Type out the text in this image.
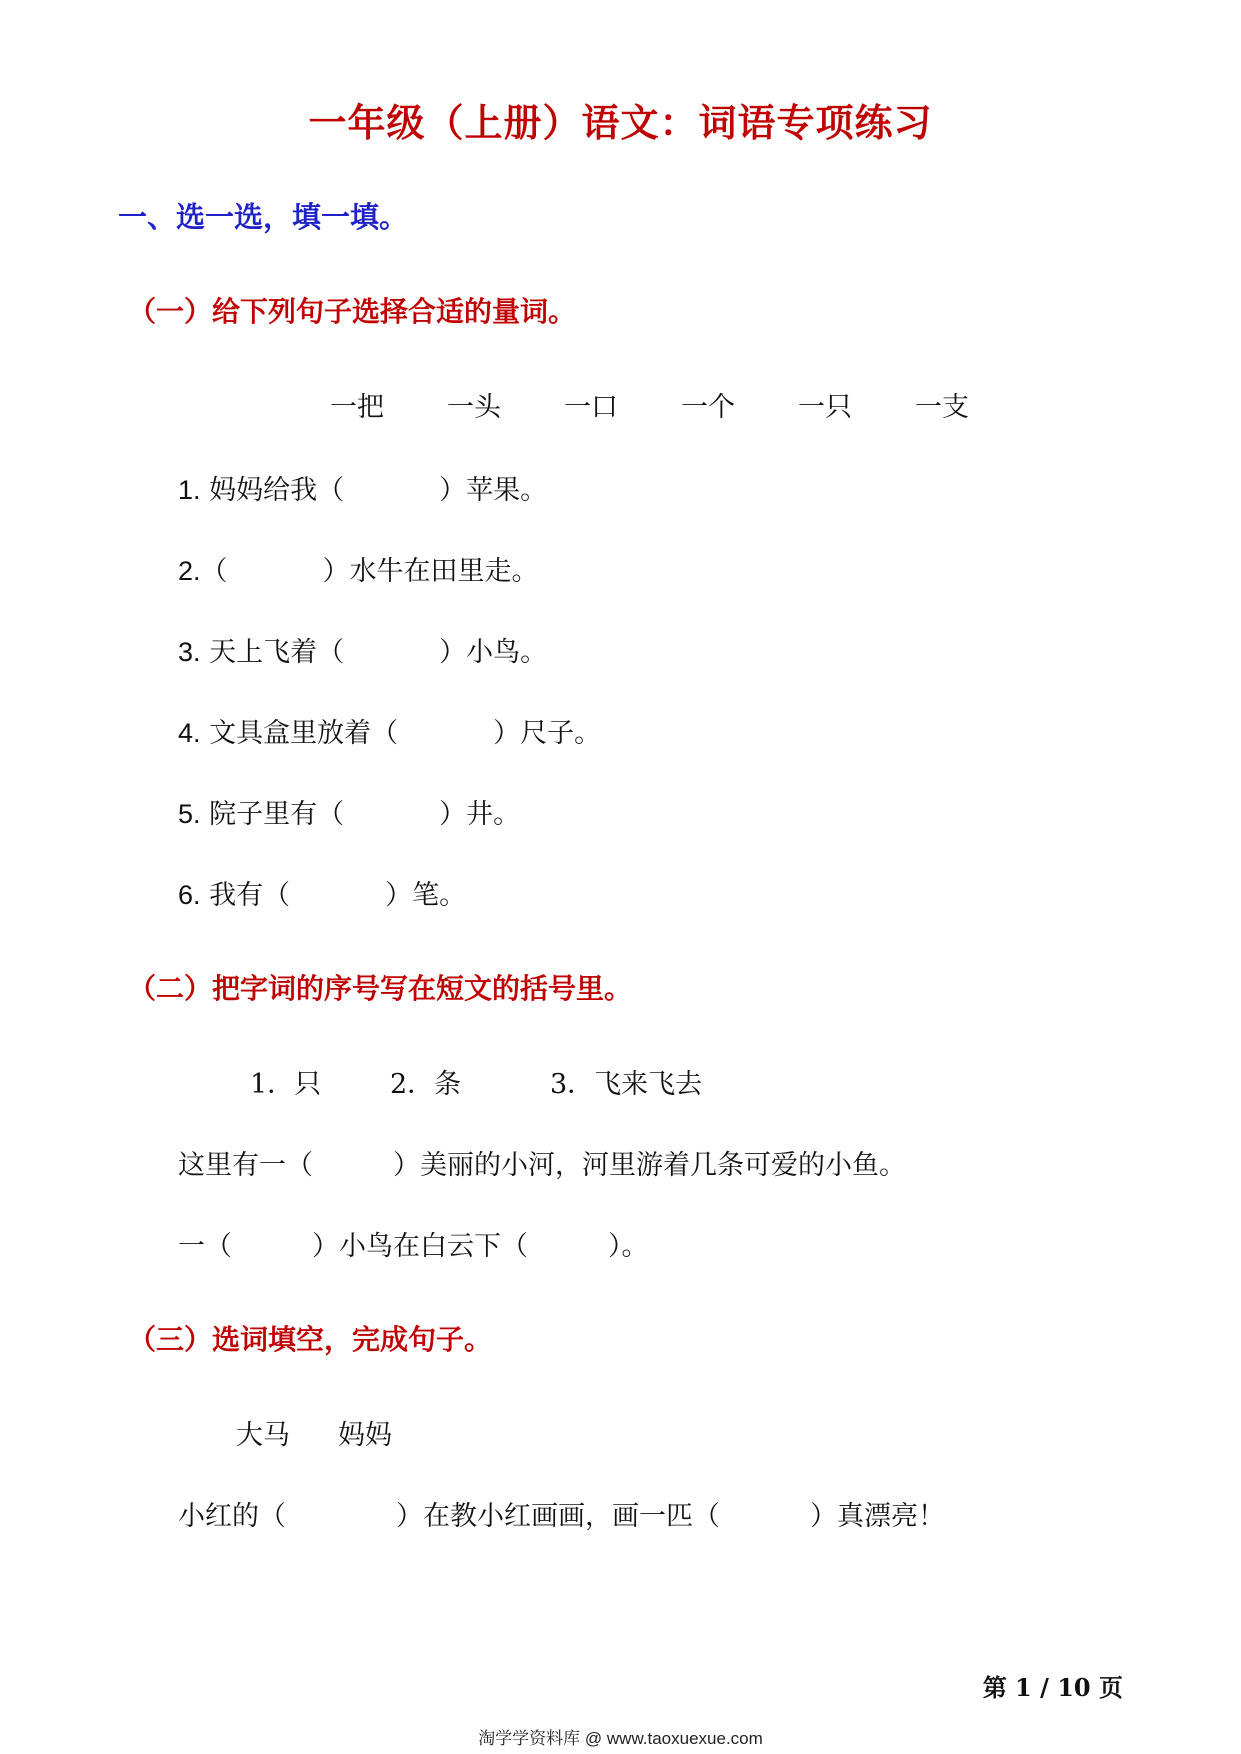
一年级（上册）语文：词语专项练习
一、选一选，填一填。
（一）给下列句子选择合适的量词。
一把 一头 一口 一个 一只 一支
1. 妈妈给我（	）苹果。
2.（	）水牛在田里走。
3. 天上飞着（	）小鸟。
4. 文具盒里放着（	）尺子。
5. 院子里有（	）井。
6. 我有（	）笔。
（二）把字词的序号写在短文的括号里。
1．只	2．条	3．飞来飞去
这里有一（	）美丽的小河，河里游着几条可爱的小鱼。
一（	）小鸟在白云下（	）。
（三）选词填空，完成句子。
大马 妈妈
小红的（	）在教小红画画，画一匹（	）真漂亮！
第 1 / 10 页
淘学学资料库 @ www.taoxuexue.com
